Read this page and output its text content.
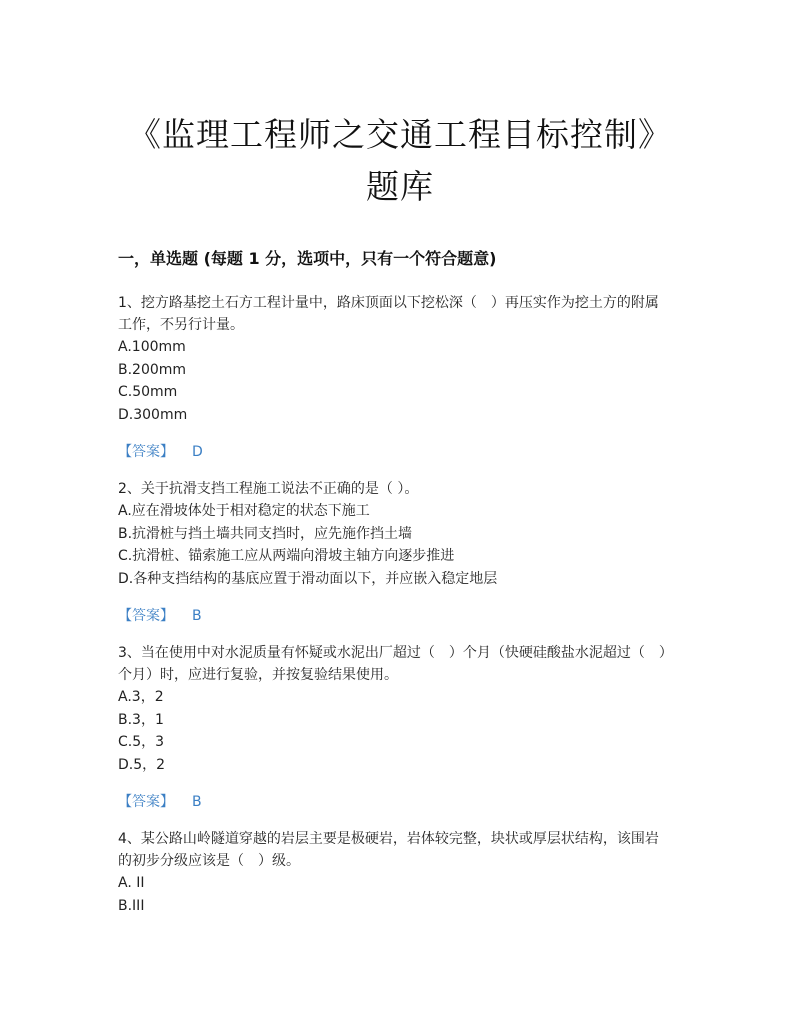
《监理工程师之交通工程目标控制》
题库
一，单选题 (每题 1 分，选项中，只有一个符合题意)

1、挖方路基挖土石方工程计量中，路床顶面以下挖松深（　）再压实作为挖土方的附属

工作，不另行计量。

A.100mm

B.200mm

C.50mm

D.300mm

【答案】 D

2、关于抗滑支挡工程施工说法不正确的是（ ）。

A.应在滑坡体处于相对稳定的状态下施工

B.抗滑桩与挡土墙共同支挡时，应先施作挡土墙

C.抗滑桩、锚索施工应从两端向滑坡主轴方向逐步推进

D.各种支挡结构的基底应置于滑动面以下，并应嵌入稳定地层

【答案】 B

3、当在使用中对水泥质量有怀疑或水泥出厂超过（　）个月（快硬硅酸盐水泥超过（　）

个月）时，应进行复验，并按复验结果使用。

A.3，2

B.3，1

C.5，3

D.5，2

【答案】 B

4、某公路山岭隧道穿越的岩层主要是极硬岩，岩体较完整，块状或厚层状结构，该围岩

的初步分级应该是（　）级。

A. II

B.III
